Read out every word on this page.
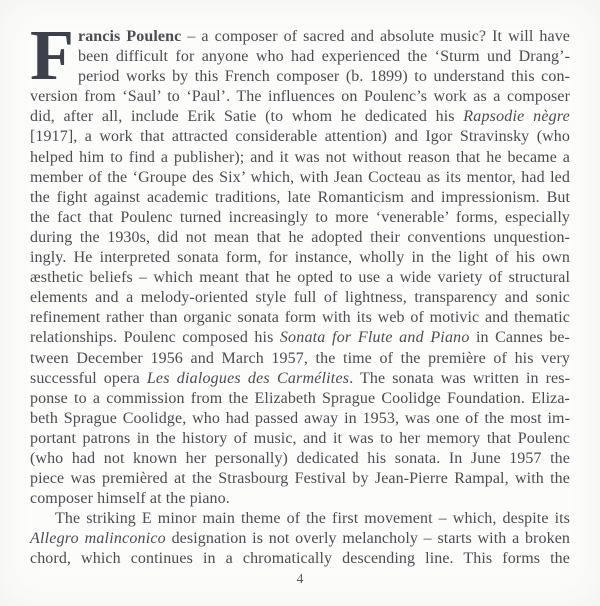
F rancis Poulenc – a composer of sacred and absolute music? It will have
been difficult for anyone who had experienced the ‘Sturm und Drang’-
period works by this French composer (b. 1899) to understand this con-
version from ‘Saul’ to ‘Paul’. The influences on Poulenc’s work as a composer
did, after all, include Erik Satie (to whom he dedicated his Rapsodie nègre
[1917], a work that attracted considerable attention) and Igor Stravinsky (who
helped him to find a publisher); and it was not without reason that he became a
member of the ‘Groupe des Six’ which, with Jean Cocteau as its mentor, had led
the fight against academic traditions, late Romanticism and impressionism. But
the fact that Poulenc turned increasingly to more ‘venerable’ forms, especially
during the 1930s, did not mean that he adopted their conventions unquestion-
ingly. He interpreted sonata form, for instance, wholly in the light of his own
æsthetic beliefs – which meant that he opted to use a wide variety of structural
elements and a melody-oriented style full of lightness, transparency and sonic
refinement rather than organic sonata form with its web of motivic and thematic
relationships. Poulenc composed his Sonata for Flute and Piano in Cannes be-
tween December 1956 and March 1957, the time of the première of his very
successful opera Les dialogues des Carmélites. The sonata was written in res-
ponse to a commission from the Elizabeth Sprague Coolidge Foundation. Eliza-
beth Sprague Coolidge, who had passed away in 1953, was one of the most im-
portant patrons in the history of music, and it was to her memory that Poulenc
(who had not known her personally) dedicated his sonata. In June 1957 the
piece was premièred at the Strasbourg Festival by Jean-Pierre Rampal, with the
composer himself at the piano.
The striking E minor main theme of the first movement – which, despite its
Allegro malinconico designation is not overly melancholy – starts with a broken
chord, which continues in a chromatically descending line. This forms the
4
